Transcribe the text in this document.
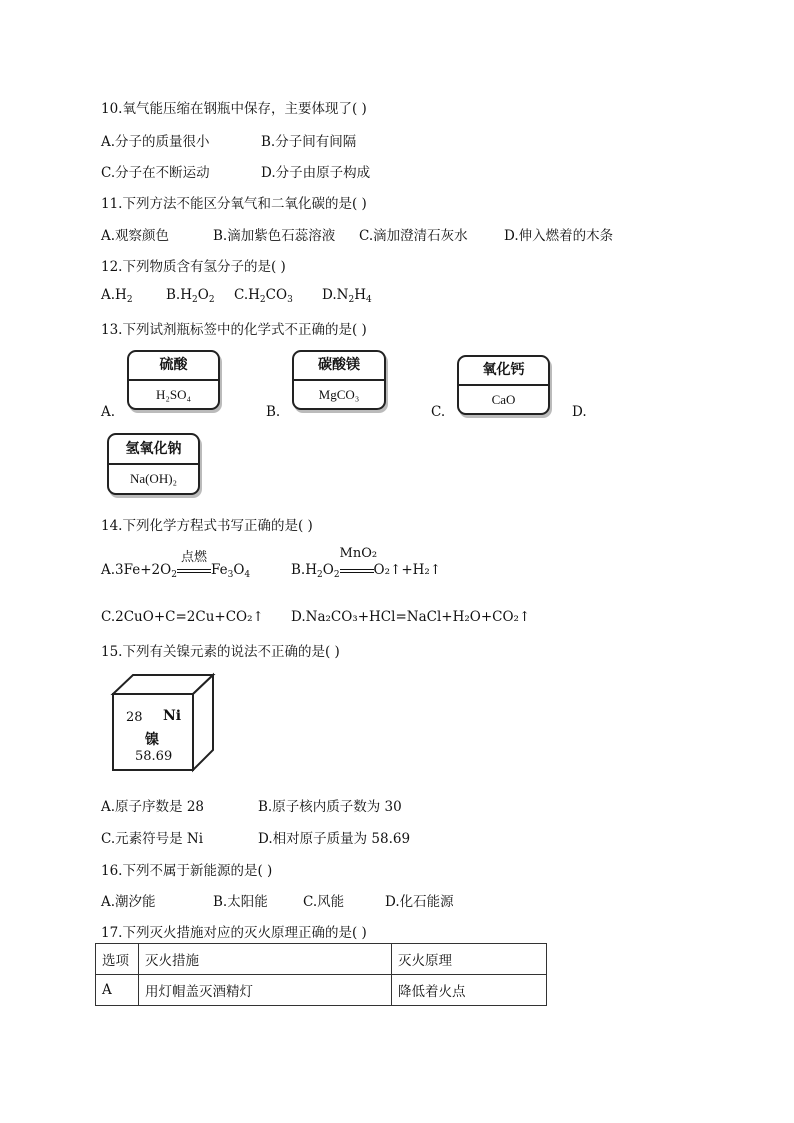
10.氧气能压缩在钢瓶中保存，主要体现了( )
A.分子的质量很小	B.分子间有间隔
C.分子在不断运动	D.分子由原子构成
11.下列方法不能区分氧气和二氧化碳的是( )
A.观察颜色	B.滴加紫色石蕊溶液 C.滴加澄清石灰水	D.伸入燃着的木条
12.下列物质含有氢分子的是( )
$A.H_2$ $B.H_2O_2$ $C.H_2CO_3$ $D.N_2H_4$
13.下列试剂瓶标签中的化学式不正确的是( )
A.
硫酸
H₂SO₄
B.
碳酸镁
MgCO₃
C.
氧化钙
CaO
D.
氢氧化钠
Na(OH)₂
14.下列化学方程式书写正确的是( )
$A.3Fe+2O_2$
点燃
$Fe_3O_4$	$B.H_2O_2$
MnO₂
O₂↑+H₂↑
C.2CuO+C=2Cu+CO₂↑ D.Na₂CO₃+HCl=NaCl+H₂O+CO₂↑
15.下列有关镍元素的说法不正确的是( )
28 Ni
镍
58.69
A.原子序数是 28	B.原子核内质子数为 30
C.元素符号是 Ni	D.相对原子质量为 58.69
16.下列不属于新能源的是( )
A.潮汐能	B.太阳能	C.风能	D.化石能源
17.下列灭火措施对应的灭火原理正确的是( )
选项	灭火措施	灭火原理
A	用灯帽盖灭酒精灯	降低着火点
